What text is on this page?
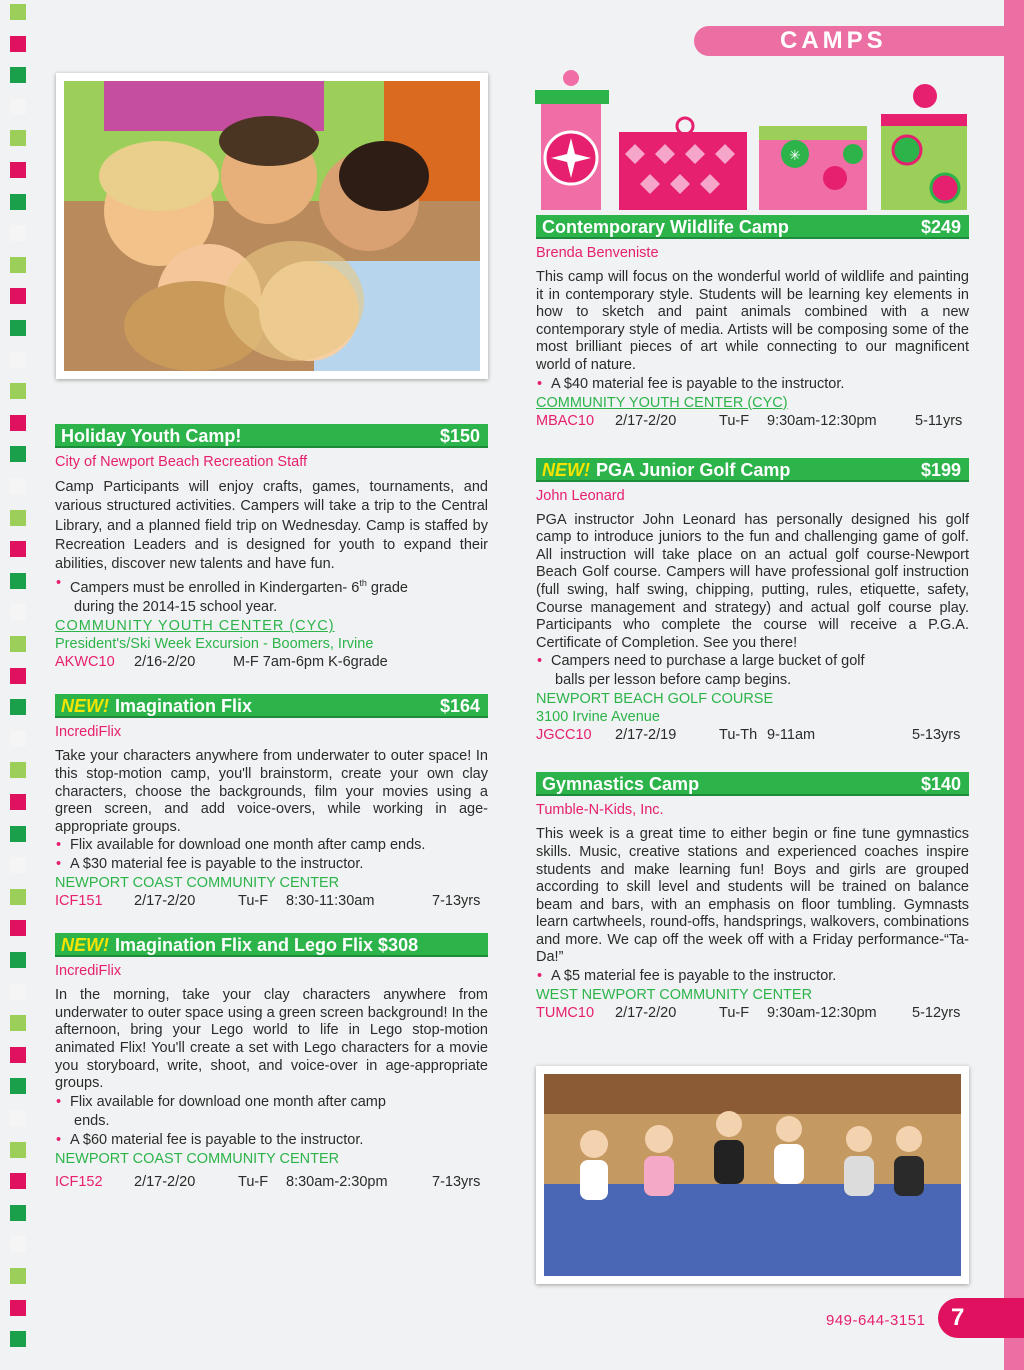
CAMPS
✳
Holiday Youth Camp!	$150
City of Newport Beach Recreation Staff
Camp Participants will enjoy crafts, games, tournaments, and various structured activities. Campers will take a trip to the Central Library, and a planned field trip on Wednesday. Camp is staffed by Recreation Leaders and is designed for youth to expand their abilities, discover new talents and have fun.
• Campers must be enrolled in Kindergarten- 6th grade
during the 2014-15 school year.
COMMUNITY YOUTH CENTER (CYC)
President's/Ski Week Excursion - Boomers, Irvine
AKWC10	2/16-2/20	M-F 7am-6pm K-6grade
NEW! Imagination Flix	$164
IncrediFlix
Take your characters anywhere from underwater to outer space! In this stop-motion camp, you'll brainstorm, create your own clay characters, choose the backgrounds, film your movies using a green screen, and add voice-overs, while working in age-appropriate groups.
• Flix available for download one month after camp ends.
• A $30 material fee is payable to the instructor.
NEWPORT COAST COMMUNITY CENTER
ICF151	2/17-2/20	Tu-F	8:30-11:30am	7-13yrs
NEW! Imagination Flix and Lego Flix $308
IncrediFlix
In the morning, take your clay characters anywhere from underwater to outer space using a green screen background! In the afternoon, bring your Lego world to life in Lego stop-motion animated Flix! You'll create a set with Lego characters for a movie you storyboard, write, shoot, and voice-over in age-appropriate groups.
• Flix available for download one month after camp
ends.
• A $60 material fee is payable to the instructor.
NEWPORT COAST COMMUNITY CENTER
ICF152	2/17-2/20	Tu-F	8:30am-2:30pm	7-13yrs
Contemporary Wildlife Camp	$249
Brenda Benveniste
This camp will focus on the wonderful world of wildlife and painting it in contemporary style. Students will be learning key elements in how to sketch and paint animals combined with a new contemporary style of media. Artists will be composing some of the most brilliant pieces of art while connecting to our magnificent world of nature.
• A $40 material fee is payable to the instructor.
COMMUNITY YOUTH CENTER (CYC)
MBAC10	2/17-2/20	Tu-F	9:30am-12:30pm	5-11yrs
NEW! PGA Junior Golf Camp	$199
John Leonard
PGA instructor John Leonard has personally designed his golf camp to introduce juniors to the fun and challenging game of golf. All instruction will take place on an actual golf course-Newport Beach Golf course. Campers will have professional golf instruction (full swing, half swing, chipping, putting, rules, etiquette, safety, Course management and strategy) and actual golf course play. Participants who complete the course will receive a P.G.A. Certificate of Completion. See you there!
• Campers need to purchase a large bucket of golf
balls per lesson before camp begins.
NEWPORT BEACH GOLF COURSE
3100 Irvine Avenue
JGCC10	2/17-2/19	Tu-Th 9-11am	5-13yrs
Gymnastics Camp	$140
Tumble-N-Kids, Inc.
This week is a great time to either begin or fine tune gymnastics skills. Music, creative stations and experienced coaches inspire students and make learning fun! Boys and girls are grouped according to skill level and students will be trained on balance beam and bars, with an emphasis on floor tumbling. Gymnasts learn cartwheels, round-offs, handsprings, walkovers, combinations and more. We cap off the week off with a Friday performance-“Ta-Da!”
• A $5 material fee is payable to the instructor.
WEST NEWPORT COMMUNITY CENTER
TUMC10	2/17-2/20	Tu-F	9:30am-12:30pm	5-12yrs
949-644-3151	7
